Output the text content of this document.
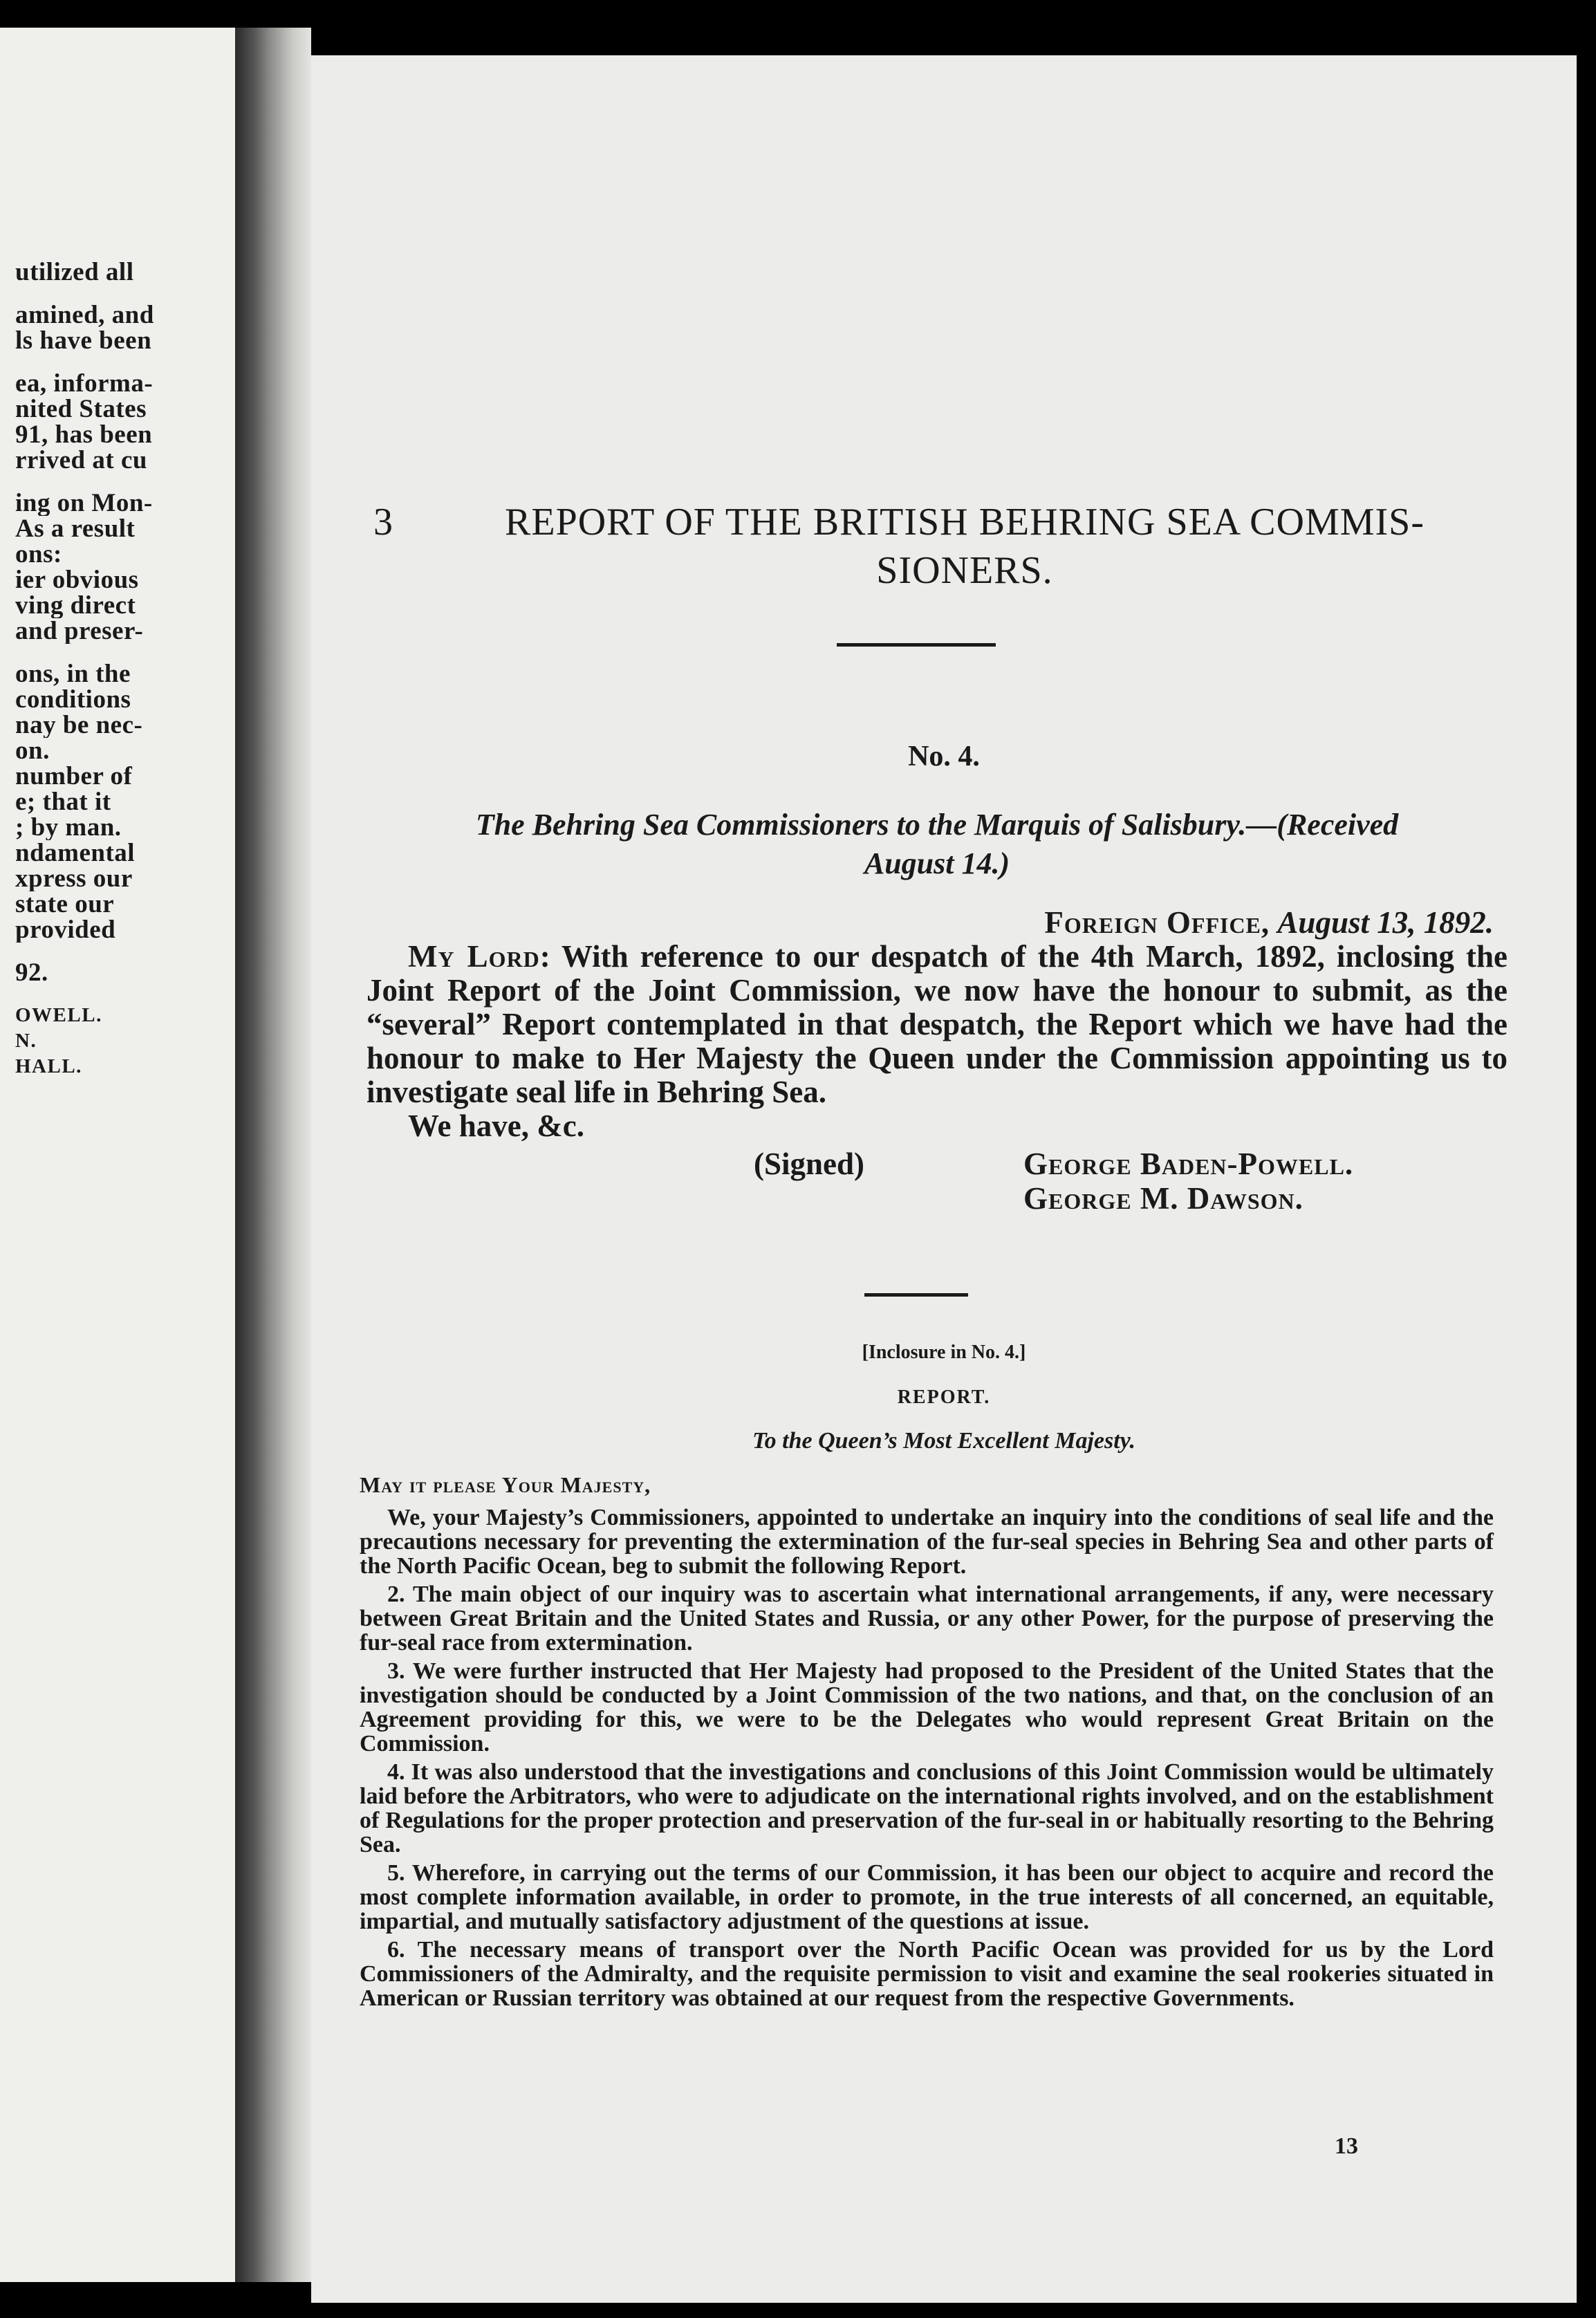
utilized all
amined, and
ls have been
ea, informa-
nited States
91, has been
rrived at cu
ing on Mon-
As a result
ons:
ier obvious
ving direct
and preser-
ons, in the
conditions
nay be nec-
on.
number of
e; that it
; by man.
ndamental
xpress our
state our
provided
92.
OWELL.
N.
HALL.
3	REPORT OF THE BRITISH BEHRING SEA COMMIS-
SIONERS.
No. 4.
The Behring Sea Commissioners to the Marquis of Salisbury.—(Received
August 14.)
Foreign Office, August 13, 1892.
My Lord: With reference to our despatch of the 4th March, 1892, inclosing the Joint Report of the Joint Commission, we now have the honour to submit, as the “several” Report contemplated in that despatch, the Report which we have had the honour to make to Her Majesty the Queen under the Commission appointing us to investigate seal life in Behring Sea.
We have, &c.
(Signed)	George Baden-Powell.
George M. Dawson.
[Inclosure in No. 4.]
REPORT.
To the Queen’s Most Excellent Majesty.
May it please Your Majesty,

We, your Majesty’s Commissioners, appointed to undertake an inquiry into the conditions of seal life and the precautions necessary for preventing the extermination of the fur-seal species in Behring Sea and other parts of the North Pacific Ocean, beg to submit the following Report.

2. The main object of our inquiry was to ascertain what international arrangements, if any, were necessary between Great Britain and the United States and Russia, or any other Power, for the purpose of preserving the fur-seal race from extermination.

3. We were further instructed that Her Majesty had proposed to the President of the United States that the investigation should be conducted by a Joint Commission of the two nations, and that, on the conclusion of an Agreement providing for this, we were to be the Delegates who would represent Great Britain on the Commission.

4. It was also understood that the investigations and conclusions of this Joint Commission would be ultimately laid before the Arbitrators, who were to adjudicate on the international rights involved, and on the establishment of Regulations for the proper protection and preservation of the fur-seal in or habitually resorting to the Behring Sea.

5. Wherefore, in carrying out the terms of our Commission, it has been our object to acquire and record the most complete information available, in order to promote, in the true interests of all concerned, an equitable, impartial, and mutually satisfactory adjustment of the questions at issue.

6. The necessary means of transport over the North Pacific Ocean was provided for us by the Lord Commissioners of the Admiralty, and the requisite permission to visit and examine the seal rookeries situated in American or Russian territory was obtained at our request from the respective Governments.

13
